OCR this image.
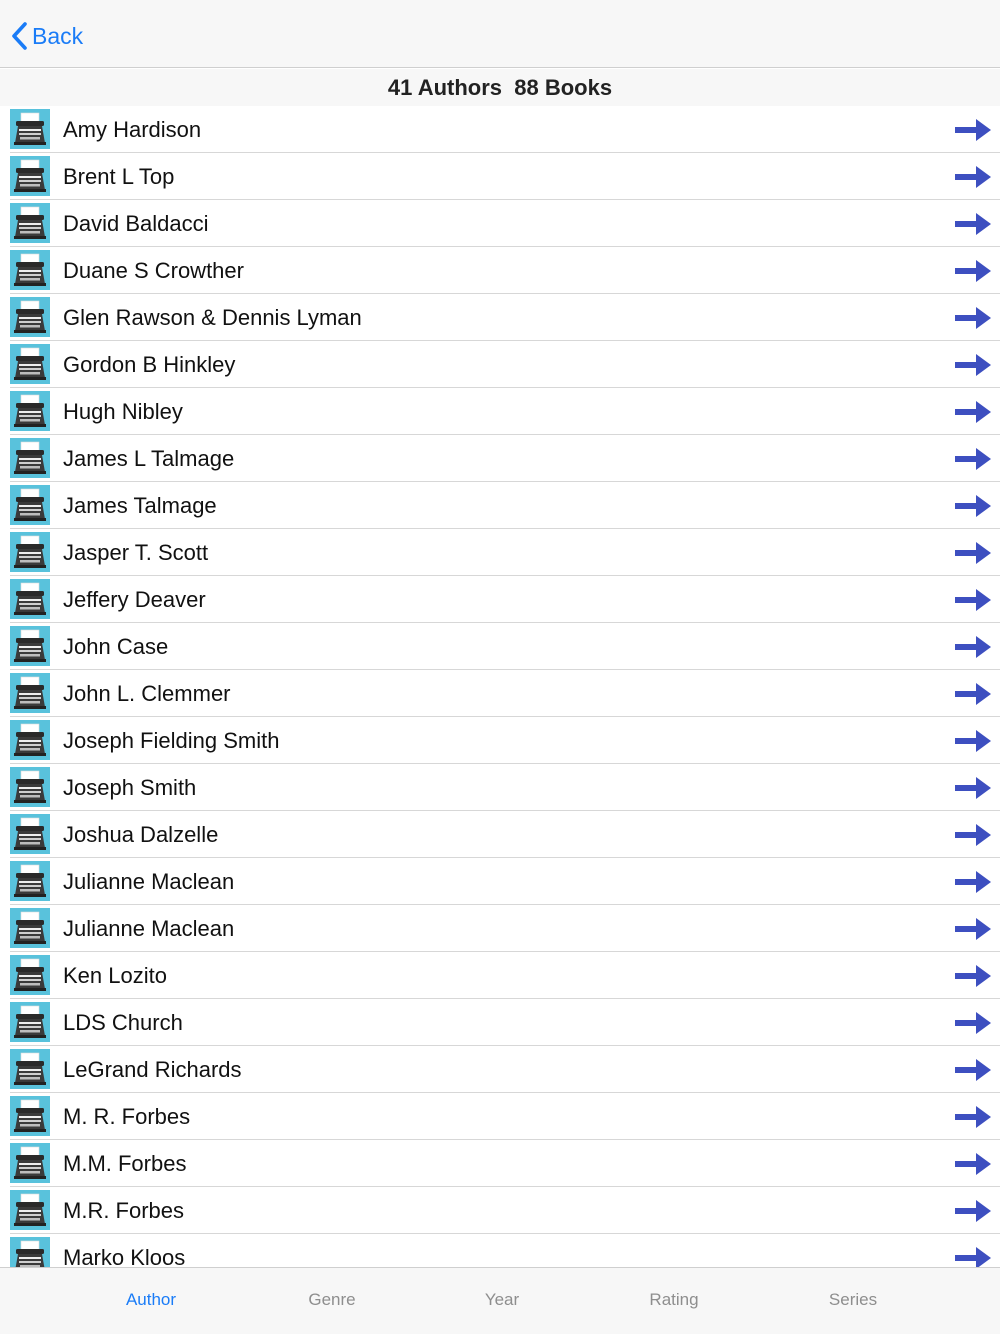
Back
41 Authors  88 Books
Amy Hardison
Brent L Top
David Baldacci
Duane S Crowther
Glen Rawson & Dennis Lyman
Gordon B Hinkley
Hugh Nibley
James L Talmage
James Talmage
Jasper T. Scott
Jeffery Deaver
John Case
John L. Clemmer
Joseph Fielding Smith
Joseph Smith
Joshua Dalzelle
Julianne Maclean
Julianne Maclean
Ken Lozito
LDS Church
LeGrand Richards
M. R. Forbes
M.M. Forbes
M.R. Forbes
Marko Kloos
Author	Genre	Year	Rating	Series
